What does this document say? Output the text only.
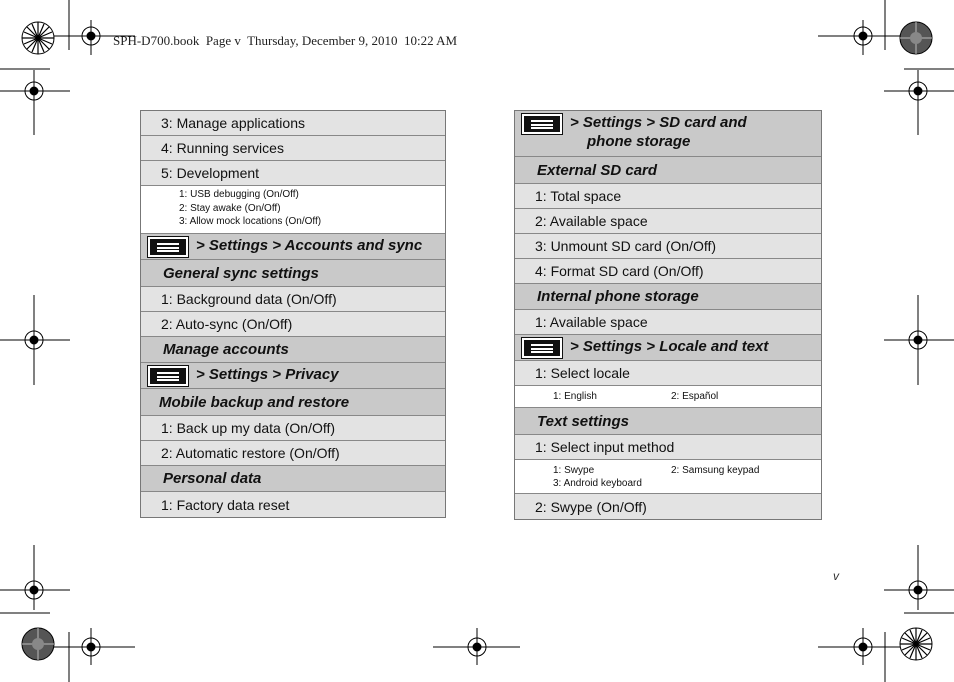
SPH-D700.book  Page v  Thursday, December 9, 2010  10:22 AM
v
3: Manage applications
4: Running services
5: Development
1: USB debugging (On/Off)
2: Stay awake (On/Off)
3: Allow mock locations (On/Off)
> Settings > Accounts and sync
General sync settings
1: Background data (On/Off)
2: Auto-sync (On/Off)
Manage accounts
> Settings > Privacy
Mobile backup and restore
1: Back up my data (On/Off)
2: Automatic restore (On/Off)
Personal data
1: Factory data reset
> Settings > SD card and
phone storage
External SD card
1: Total space
2: Available space
3: Unmount SD card (On/Off)
4: Format SD card (On/Off)
Internal phone storage
1: Available space
> Settings > Locale and text
1: Select locale
1: English	2: Español
Text settings
1: Select input method
1: Swype	2: Samsung keypad
3: Android keyboard
2: Swype (On/Off)
